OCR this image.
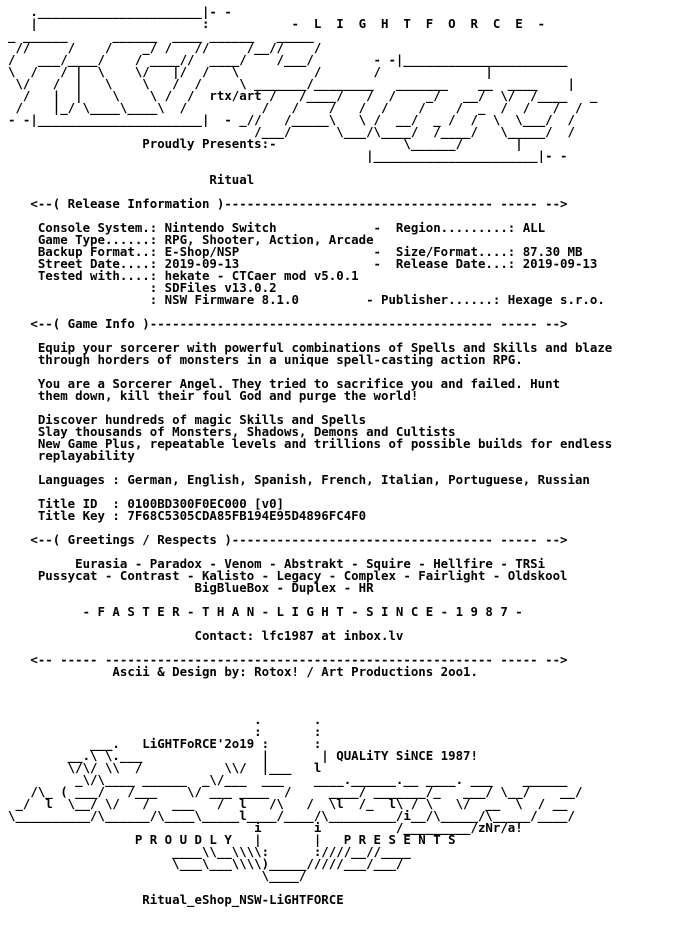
.______________________|- -
|                      :           -  L  I  G  H  T  F  O  R  C  E  -
_ ______      ______  ____ ______   _____
//     /    /    _/ /   //     /__//    /
/   ___/____/    / ____//  ____/    /___/        - -|______________________
\  /   / |  \    \/   |/  /   \          /       /              |
\/   /  |   \    \   /  /     \ _______/________   _______    __  ____    |
/   |  |    \    \ /  /  rtx/art /   /____/   /  /    _/   __/  \/  /____   _
/    |_/ \____\____\  /          /   /    /   /  /    /    /  _  /  /   /  /
- -|______________________|  - _//   /_____\   \ /  __/  _ /  /  \  \___/  /
/___/      \___/\____/  /____/   \_____/  /
Proudly Presents:-                 \______/       |
|______________________|- -

Ritual

<--( Release Information )------------------------------------ ----- -->

Console System.: Nintendo Switch             -  Region.........: ALL
Game Type......: RPG, Shooter, Action, Arcade
Backup Format..: E-Shop/NSP                  -  Size/Format....: 87.30 MB
Street Date....: 2019-09-13                  -  Release Date...: 2019-09-13
Tested with....: hekate - CTCaer mod v5.0.1
: SDFiles v13.0.2
: NSW Firmware 8.1.0         - Publisher......: Hexage s.r.o.

<--( Game Info )---------------------------------------------- ----- -->

Equip your sorcerer with powerful combinations of Spells and Skills and blaze
through horders of monsters in a unique spell-casting action RPG.

You are a Sorcerer Angel. They tried to sacrifice you and failed. Hunt
them down, kill their foul God and purge the world!

Discover hundreds of magic Skills and Spells
Slay thousands of Monsters, Shadows, Demons and Cultists
New Game Plus, repeatable levels and trillions of possible builds for endless
replayability

Languages : German, English, Spanish, French, Italian, Portuguese, Russian

Title ID  : 0100BD300F0EC000 [v0]
Title Key : 7F68C5305CDA85FB194E95D4896FC4F0

<--( Greetings / Respects )----------------------------------- ----- -->

Eurasia - Paradox - Venom - Abstrakt - Squire - Hellfire - TRSi
Pussycat - Contrast - Kalisto - Legacy - Complex - Fairlight - Oldskool
BigBlueBox - Duplex - HR

- F A S T E R - T H A N - L I G H T - S I N C E - 1 9 8 7 -

Contact: lfc1987 at inbox.lv

<-- ----- ---------------------------------------------------- ----- -->
Ascii & Design by: Rotox! / Art Productions 2oo1.

.       .
:       :
___.   LiGHTFoRCE'2o19 :      :
__.\ \.___                |       | QUALiTY SiNCE 1987!
\/\/ \\  /           \\/  |___   l
_\/\____ ______  _\/___  ___    ____.______.__ ____. ___    ______
/\_ ( ___/   /___    \/ ___ ____  /     ____/ _______/_   ___/ \__/    __/
_/  l  \__/ \/   /   ___   /  l   /\   /  \l  /_  l\ / \   \/  __  \  / __
\__________/\______/\____\_____l____/____/\_________/i__/\_____/\_____/____/
i       i          /_________/zNr/a!
P R O U D L Y   |       |   P R E S E N T S
____\\__\\\\:      :////__//____
\___\___\\\\)_____/////___/___/
\____/

Ritual_eShop_NSW-LiGHTFORCE
